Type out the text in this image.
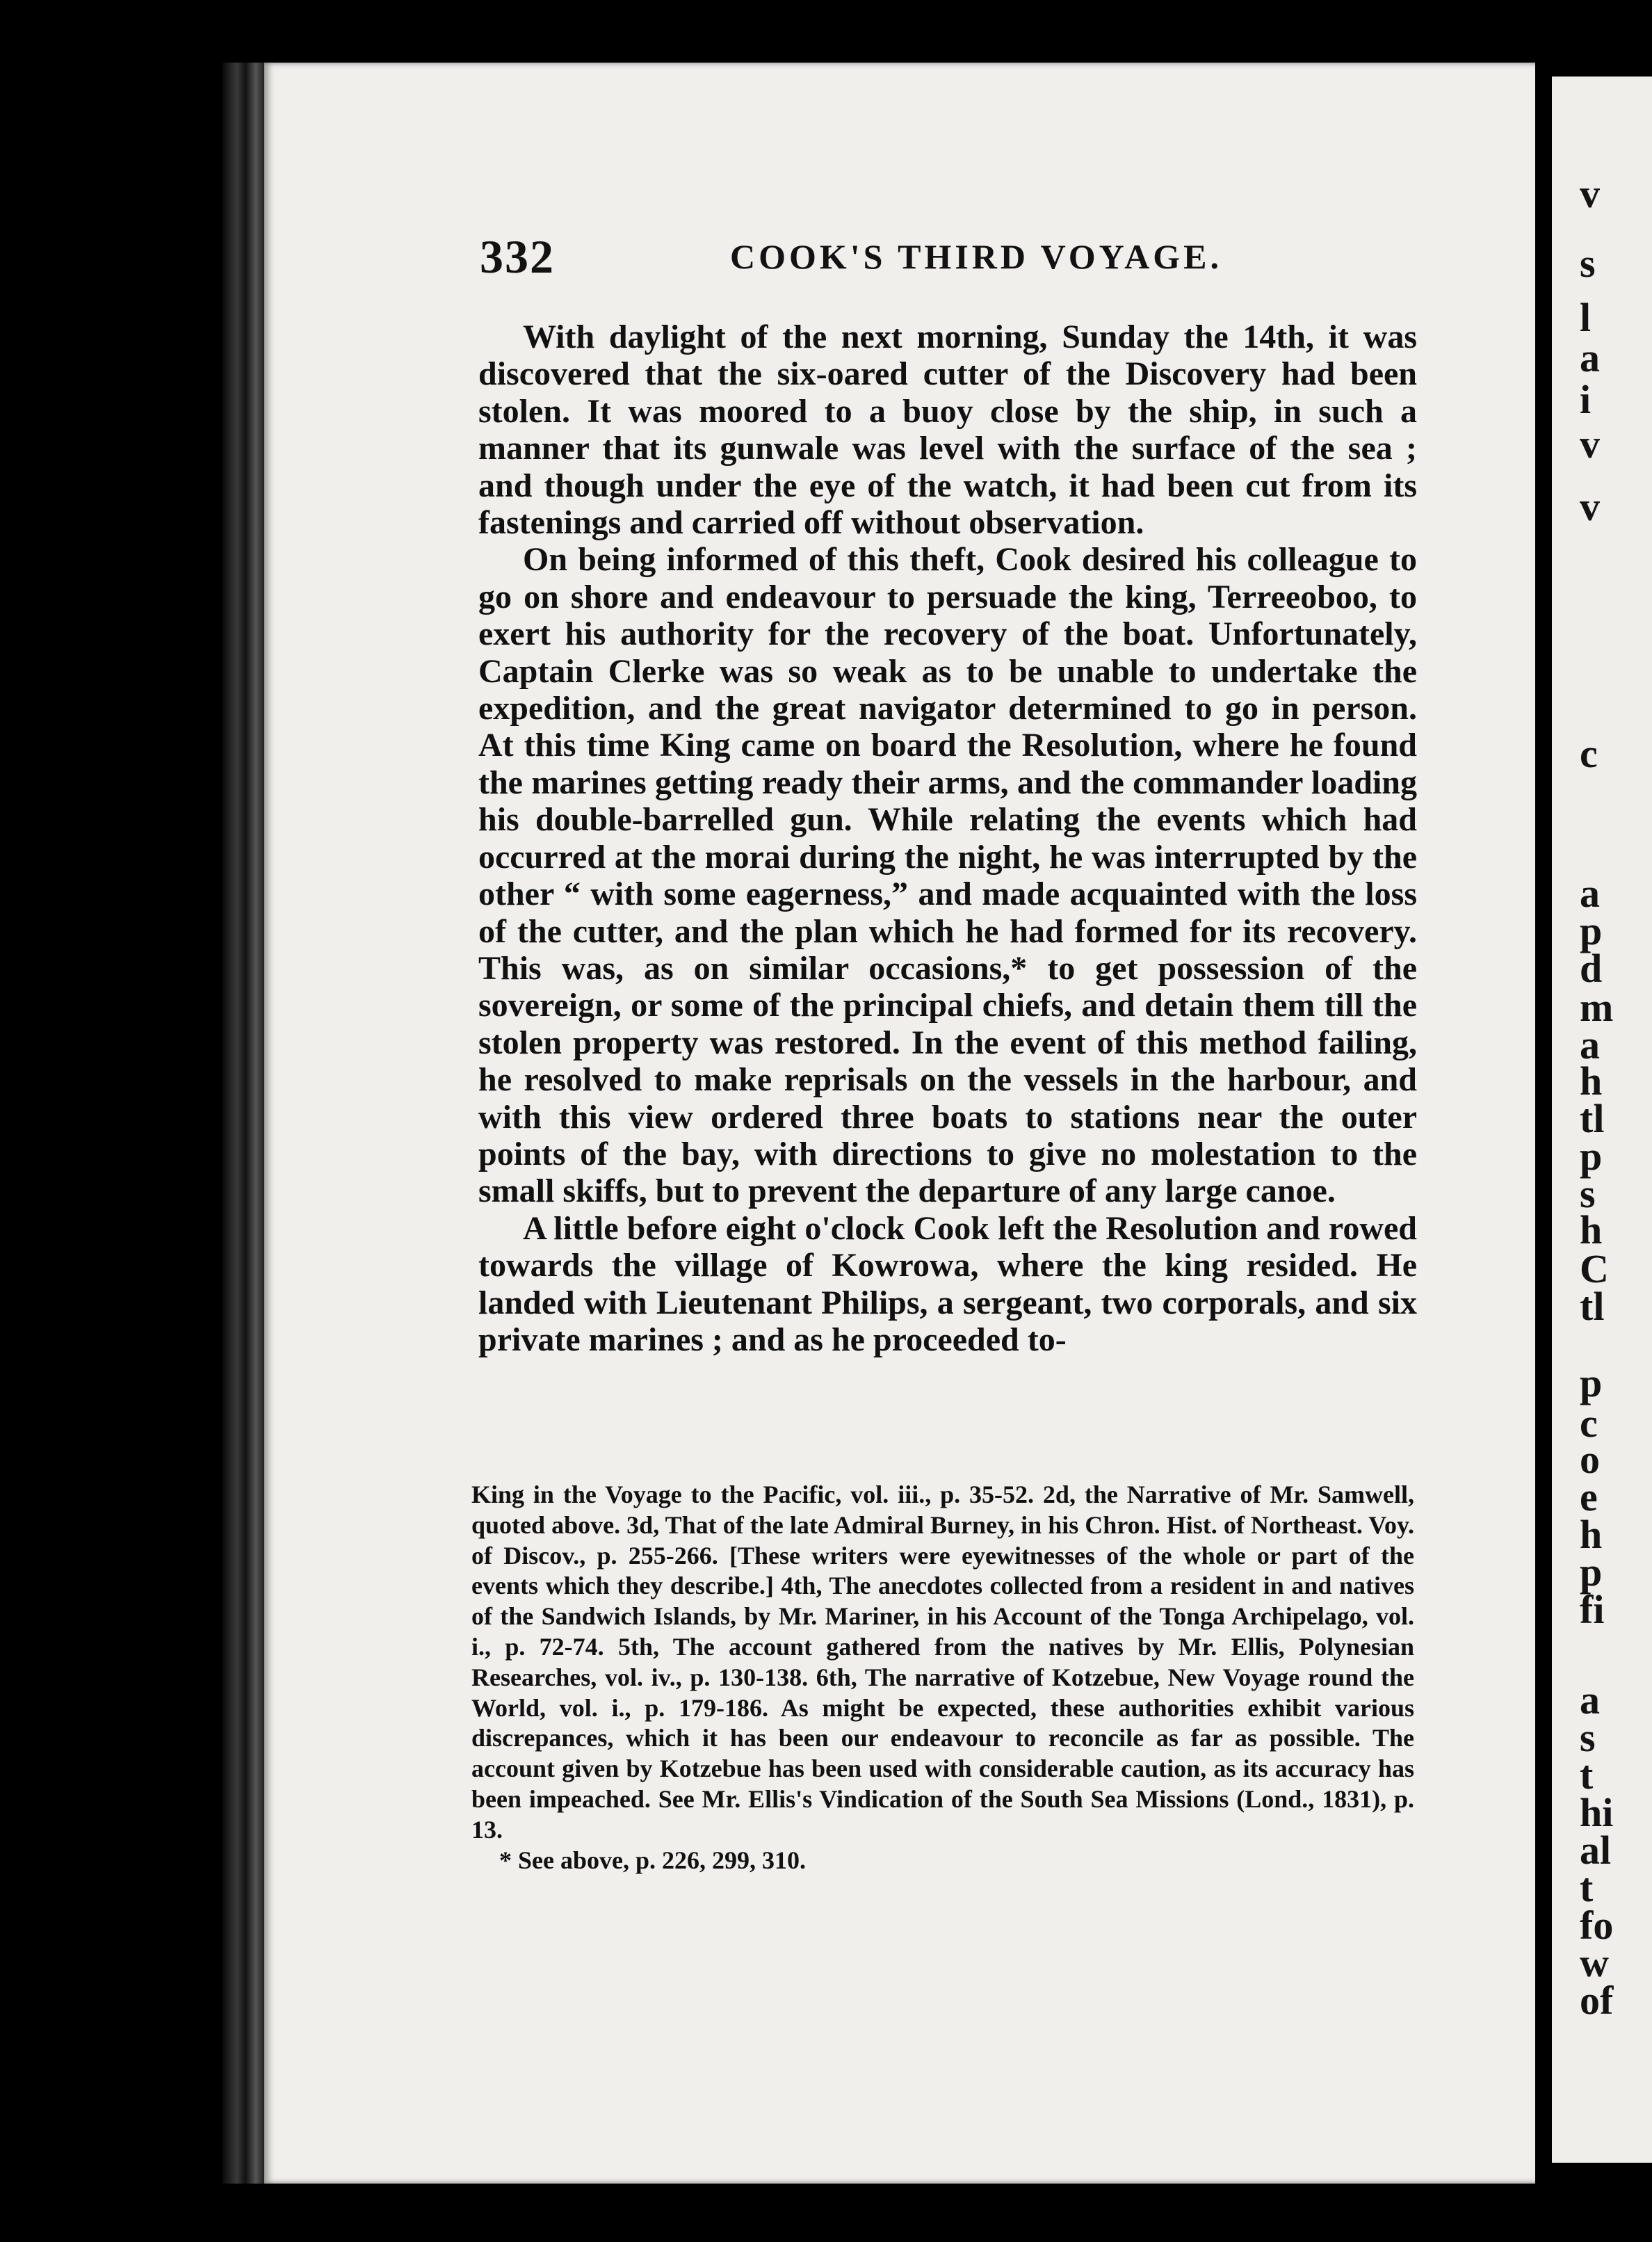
v
s
l
a
i
v
v
c
a
p
d
m
a
h
tl
p
s
h
C
tl
p
c
o
e
h
p
fi
a
s
t
hi
al
t
fo
w
of
332	COOK'S THIRD VOYAGE.

With daylight of the next morning, Sunday the 14th, it was discovered that the six-oared cutter of the Discovery had been stolen. It was moored to a buoy close by the ship, in such a manner that its gunwale was level with the surface of the sea ; and though under the eye of the watch, it had been cut from its fastenings and carried off without observation.

On being informed of this theft, Cook desired his colleague to go on shore and endeavour to persuade the king, Terreeoboo, to exert his authority for the recovery of the boat. Unfortunately, Captain Clerke was so weak as to be unable to undertake the expedition, and the great navigator determined to go in person. At this time King came on board the Resolution, where he found the marines getting ready their arms, and the commander loading his double-barrelled gun. While relating the events which had occurred at the morai during the night, he was interrupted by the other “ with some eagerness,” and made acquainted with the loss of the cutter, and the plan which he had formed for its recovery. This was, as on similar occasions,* to get possession of the sovereign, or some of the principal chiefs, and detain them till the stolen property was restored. In the event of this method failing, he resolved to make reprisals on the vessels in the harbour, and with this view ordered three boats to stations near the outer points of the bay, with directions to give no molestation to the small skiffs, but to prevent the departure of any large canoe.

A little before eight o'clock Cook left the Resolution and rowed towards the village of Kowrowa, where the king resided. He landed with Lieutenant Philips, a sergeant, two corporals, and six private marines ; and as he proceeded to-

King in the Voyage to the Pacific, vol. iii., p. 35-52. 2d, the Narrative of Mr. Samwell, quoted above. 3d, That of the late Admiral Burney, in his Chron. Hist. of Northeast. Voy. of Discov., p. 255-266. [These writers were eyewitnesses of the whole or part of the events which they describe.] 4th, The anecdotes collected from a resident in and natives of the Sandwich Islands, by Mr. Mariner, in his Account of the Tonga Archipelago, vol. i., p. 72-74. 5th, The account gathered from the natives by Mr. Ellis, Polynesian Researches, vol. iv., p. 130-138. 6th, The narrative of Kotzebue, New Voyage round the World, vol. i., p. 179-186. As might be expected, these authorities exhibit various discrepances, which it has been our endeavour to reconcile as far as possible. The account given by Kotzebue has been used with considerable caution, as its accuracy has been impeached. See Mr. Ellis's Vindication of the South Sea Missions (Lond., 1831), p. 13.

* See above, p. 226, 299, 310.
